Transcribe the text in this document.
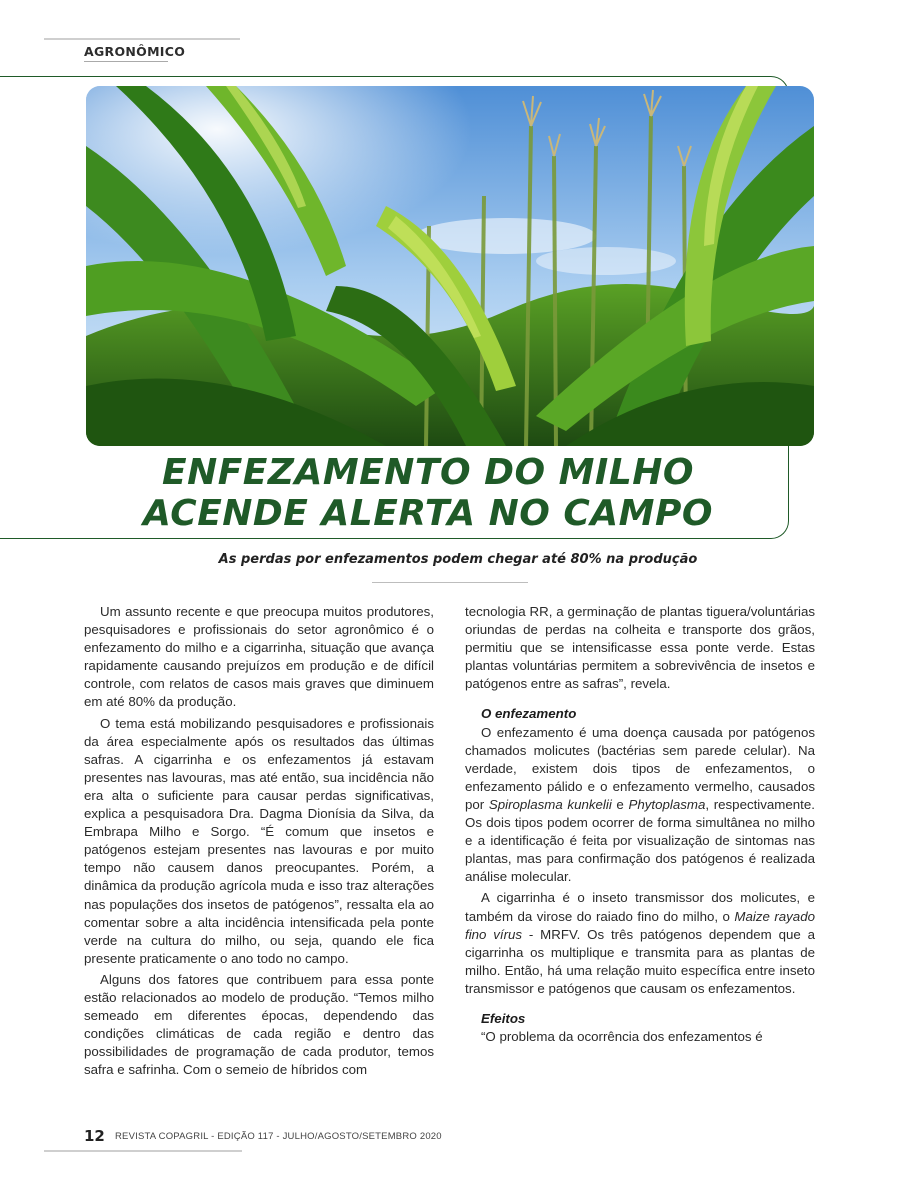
AGRONÔMICO
ENFEZAMENTO DO MILHO
ACENDE ALERTA NO CAMPO

As perdas por enfezamentos podem chegar até 80% na produção

Um assunto recente e que preocupa muitos produtores, pesquisadores e profissionais do setor agronômico é o enfezamento do milho e a cigarrinha, situação que avança rapidamente causando prejuízos em produção e de difícil controle, com relatos de casos mais graves que diminuem em até 80% da produção.

O tema está mobilizando pesquisadores e profissionais da área especialmente após os resultados das últimas safras. A cigarrinha e os enfezamentos já estavam presentes nas lavouras, mas até então, sua incidência não era alta o suficiente para causar perdas significativas, explica a pesquisadora Dra. Dagma Dionísia da Silva, da Embrapa Milho e Sorgo. “É comum que insetos e patógenos estejam presentes nas lavouras e por muito tempo não causem danos preocupantes. Porém, a dinâmica da produção agrícola muda e isso traz alterações nas populações dos insetos de patógenos”, ressalta ela ao comentar sobre a alta incidência intensificada pela ponte verde na cultura do milho, ou seja, quando ele fica presente praticamente o ano todo no campo.

Alguns dos fatores que contribuem para essa ponte estão relacionados ao modelo de produção. “Temos milho semeado em diferentes épocas, dependendo das condições climáticas de cada região e dentro das possibilidades de programação de cada produtor, temos safra e safrinha. Com o semeio de híbridos com

tecnologia RR, a germinação de plantas tiguera/voluntárias oriundas de perdas na colheita e transporte dos grãos, permitiu que se intensificasse essa ponte verde. Estas plantas voluntárias permitem a sobrevivência de insetos e patógenos entre as safras”, revela.

O enfezamento

O enfezamento é uma doença causada por patógenos chamados molicutes (bactérias sem parede celular). Na verdade, existem dois tipos de enfezamentos, o enfezamento pálido e o enfezamento vermelho, causados por Spiroplasma kunkelii e Phytoplasma, respectivamente. Os dois tipos podem ocorrer de forma simultânea no milho e a identificação é feita por visualização de sintomas nas plantas, mas para confirmação dos patógenos é realizada análise molecular.

A cigarrinha é o inseto transmissor dos molicutes, e também da virose do raiado fino do milho, o Maize rayado fino vírus - MRFV. Os três patógenos dependem que a cigarrinha os multiplique e transmita para as plantas de milho. Então, há uma relação muito específica entre inseto transmissor e patógenos que causam os enfezamentos.

Efeitos

“O problema da ocorrência dos enfezamentos é

12 REVISTA COPAGRIL - EDIÇÃO 117 - JULHO/AGOSTO/SETEMBRO 2020
